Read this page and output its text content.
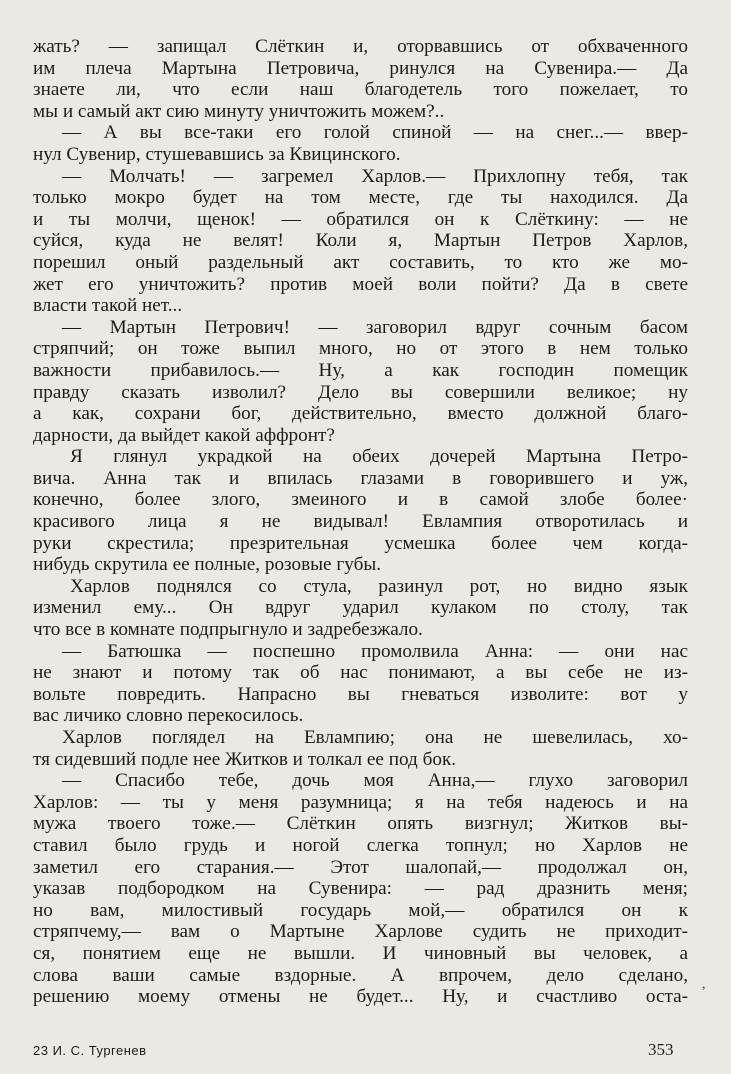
жать? — запищал Слёткин и, оторвавшись от обхваченного
им плеча Мартына Петровича, ринулся на Сувенира.— Да
знаете ли, что если наш благодетель того пожелает, то
мы и самый акт сию минуту уничтожить можем?..
— А вы все-таки его голой спиной — на снег...— ввер-
нул Сувенир, стушевавшись за Квицинского.
— Молчать! — загремел Харлов.— Прихлопну тебя, так
только мокро будет на том месте, где ты находился. Да
и ты молчи, щенок! — обратился он к Слёткину: — не
суйся, куда не велят! Коли я, Мартын Петров Харлов,
порешил оный раздельный акт составить, то кто же мо-
жет его уничтожить? против моей воли пойти? Да в свете
власти такой нет...
— Мартын Петрович! — заговорил вдруг сочным басом
стряпчий; он тоже выпил много, но от этого в нем только
важности прибавилось.— Ну, а как господин помещик
правду сказать изволил? Дело вы совершили великое; ну
а как, сохрани бог, действительно, вместо должной благо-
дарности, да выйдет какой аффронт?
Я глянул украдкой на обеих дочерей Мартына Петро-
вича. Анна так и впилась глазами в говорившего и уж,
конечно, более злого, змеиного и в самой злобе более·
красивого лица я не видывал! Евлампия отворотилась и
руки скрестила; презрительная усмешка более чем когда-
нибудь скрутила ее полные, розовые губы.
Харлов поднялся со стула, разинул рот, но видно язык
изменил ему... Он вдруг ударил кулаком по столу, так
что все в комнате подпрыгнуло и задребезжало.
— Батюшка — поспешно промолвила Анна: — они нас
не знают и потому так об нас понимают, а вы себе не из-
вольте повредить. Напрасно вы гневаться изволите: вот у
вас личико словно перекосилось.
Харлов поглядел на Евлампию; она не шевелилась, хо-
тя сидевший подле нее Житков и толкал ее под бок.
— Спасибо тебе, дочь моя Анна,— глухо заговорил
Харлов: — ты у меня разумница; я на тебя надеюсь и на
мужа твоего тоже.— Слёткин опять визгнул; Житков вы-
ставил было грудь и ногой слегка топнул; но Харлов не
заметил его старания.— Этот шалопай,— продолжал он,
указав подбородком на Сувенира: — рад дразнить меня;
но вам, милостивый государь мой,— обратился он к
стряпчему,— вам о Мартыне Харлове судить не приходит-
ся, понятием еще не вышли. И чиновный вы человек, а
слова ваши самые вздорные. А впрочем, дело сделано,
решению моему отмены не будет... Ну, и счастливо оста-
,
23 И. С. Тургенев	353
